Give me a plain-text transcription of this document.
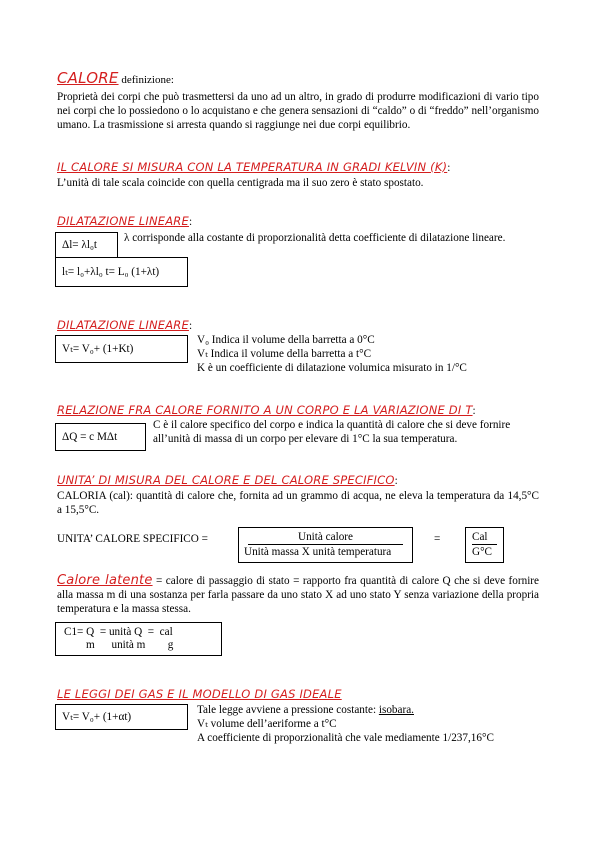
CALORE definizione:
Proprietà dei corpi che può trasmettersi da uno ad un altro, in grado di produrre modificazioni di vario tipo nei corpi che lo possiedono o lo acquistano e che genera sensazioni di “caldo” o di “freddo” nell’organismo umano. La trasmissione si arresta quando si raggiunge nei due corpi equilibrio.
IL CALORE SI MISURA CON LA TEMPERATURA IN GRADI KELVIN (K):
L’unità di tale scala coincide con quella centigrada ma il suo zero è stato spostato.
DILATAZIONE LINEARE:
Δl= λl₀t
λ corrisponde alla costante di proporzionalità detta coefficiente di dilatazione lineare.
lₜ= l₀+λl₀ t= L₀ (1+λt)
DILATAZIONE LINEARE:
Vₜ= V₀+ (1+Kt)
V₀ Indica il volume della barretta a 0°C
Vₜ Indica il volume della barretta a t°C
K è un coefficiente di dilatazione volumica misurato in 1/°C
RELAZIONE FRA CALORE FORNITO A UN CORPO E LA VARIAZIONE DI T:
ΔQ = c MΔt
C è il calore specifico del corpo e indica la quantità di calore che si deve fornire all’unità di massa di un corpo per elevare di 1°C la sua temperatura.
UNITA’ DI MISURA DEL CALORE E DEL CALORE SPECIFICO:
CALORIA (cal): quantità di calore che, fornita ad un grammo di acqua, ne eleva la temperatura da 14,5°C a 15,5°C.
UNITA’ CALORE SPECIFICO =	Unità calore
Unità massa X unità temperatura
=	Cal
G°C
Calore latente = calore di passaggio di stato = rapporto fra quantità di calore Q che si deve fornire alla massa m di una sostanza per farla passare da uno stato X ad uno stato Y senza variazione della propria temperatura e la massa stessa.
C1= Q  = unità Q  =  cal
m      unità m        g
LE LEGGI DEI GAS E IL MODELLO DI GAS IDEALE
Vₜ= V₀+ (1+αt)
Tale legge avviene a pressione costante: isobara.
Vₜ volume dell’aeriforme a t°C
A coefficiente di proporzionalità che vale mediamente 1/237,16°C
